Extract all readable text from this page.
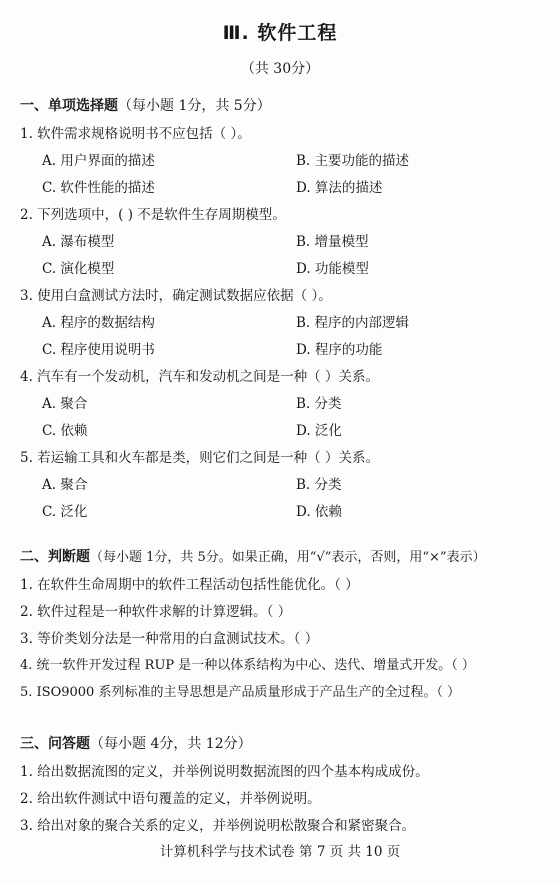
Ⅲ. 软件工程
（共 30分）
一、单项选择题（每小题 1分，共 5分）
1. 软件需求规格说明书不应包括（ ）。
A. 用户界面的描述	B. 主要功能的描述
C. 软件性能的描述	D. 算法的描述
2. 下列选项中，( ) 不是软件生存周期模型。
A. 瀑布模型	B. 增量模型
C. 演化模型	D. 功能模型
3. 使用白盒测试方法时，确定测试数据应依据（ ）。
A. 程序的数据结构	B. 程序的内部逻辑
C. 程序使用说明书	D. 程序的功能
4. 汽车有一个发动机，汽车和发动机之间是一种（ ）关系。
A. 聚合	B. 分类
C. 依赖	D. 泛化
5. 若运输工具和火车都是类，则它们之间是一种（ ）关系。
A. 聚合	B. 分类
C. 泛化	D. 依赖
二、判断题（每小题 1分，共 5分。如果正确，用“√”表示，否则，用“×”表示）
1. 在软件生命周期中的软件工程活动包括性能优化。（ ）
2. 软件过程是一种软件求解的计算逻辑。（ ）
3. 等价类划分法是一种常用的白盒测试技术。（ ）
4. 统一软件开发过程 RUP 是一种以体系结构为中心、迭代、增量式开发。（ ）
5. ISO9000 系列标准的主导思想是产品质量形成于产品生产的全过程。（ ）
三、问答题（每小题 4分，共 12分）
1. 给出数据流图的定义，并举例说明数据流图的四个基本构成成份。
2. 给出软件测试中语句覆盖的定义，并举例说明。
3. 给出对象的聚合关系的定义，并举例说明松散聚合和紧密聚合。
计算机科学与技术试卷 第 7 页 共 10 页
